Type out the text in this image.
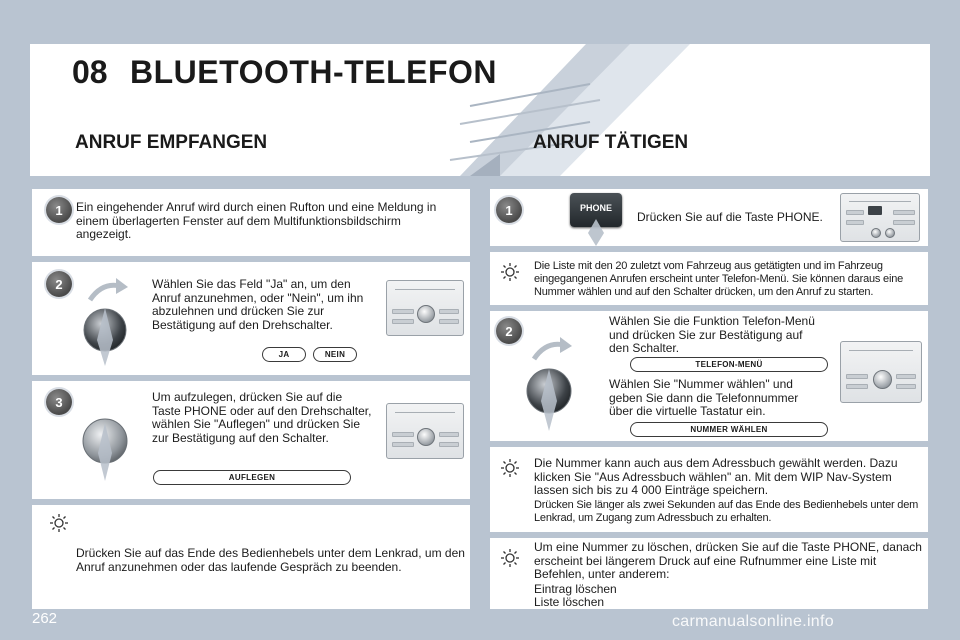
08 BLUETOOTH-TELEFON
ANRUF EMPFANGEN	ANRUF TÄTIGEN
1	Ein eingehender Anruf wird durch einen Rufton und eine Meldung in einem überlagerten Fenster auf dem Multifunktionsbildschirm angezeigt.
2	Wählen Sie das Feld "Ja" an, um den Anruf anzunehmen, oder "Nein", um ihn abzulehnen und drücken Sie zur Bestätigung auf den Drehschalter.
JA	NEIN
3	Um aufzulegen, drücken Sie auf die Taste PHONE oder auf den Drehschalter, wählen Sie "Auflegen" und drücken Sie zur Bestätigung auf den Schalter.
AUFLEGEN
Drücken Sie auf das Ende des Bedienhebels unter dem Lenkrad, um den Anruf anzunehmen oder das laufende Gespräch zu beenden.
1	PHONE
Drücken Sie auf die Taste PHONE.
Die Liste mit den 20 zuletzt vom Fahrzeug aus getätigten und im Fahrzeug eingegangenen Anrufen erscheint unter Telefon-Menü. Sie können daraus eine Nummer wählen und auf den Schalter drücken, um den Anruf zu starten.
2
Wählen Sie die Funktion Telefon-Menü und drücken Sie zur Bestätigung auf den Schalter.
TELEFON-MENÜ
Wählen Sie "Nummer wählen" und geben Sie dann die Telefonnummer über die virtuelle Tastatur ein.
NUMMER WÄHLEN
Die Nummer kann auch aus dem Adressbuch gewählt werden. Dazu klicken Sie "Aus Adressbuch wählen" an. Mit dem WIP Nav-System lassen sich bis zu 4 000 Einträge speichern.
Drücken Sie länger als zwei Sekunden auf das Ende des Bedienhebels unter dem Lenkrad, um Zugang zum Adressbuch zu erhalten.
Um eine Nummer zu löschen, drücken Sie auf die Taste PHONE, danach erscheint bei längerem Druck auf eine Rufnummer eine Liste mit Befehlen, unter anderem:
Eintrag löschen
Liste löschen
262	carmanualsonline.info
